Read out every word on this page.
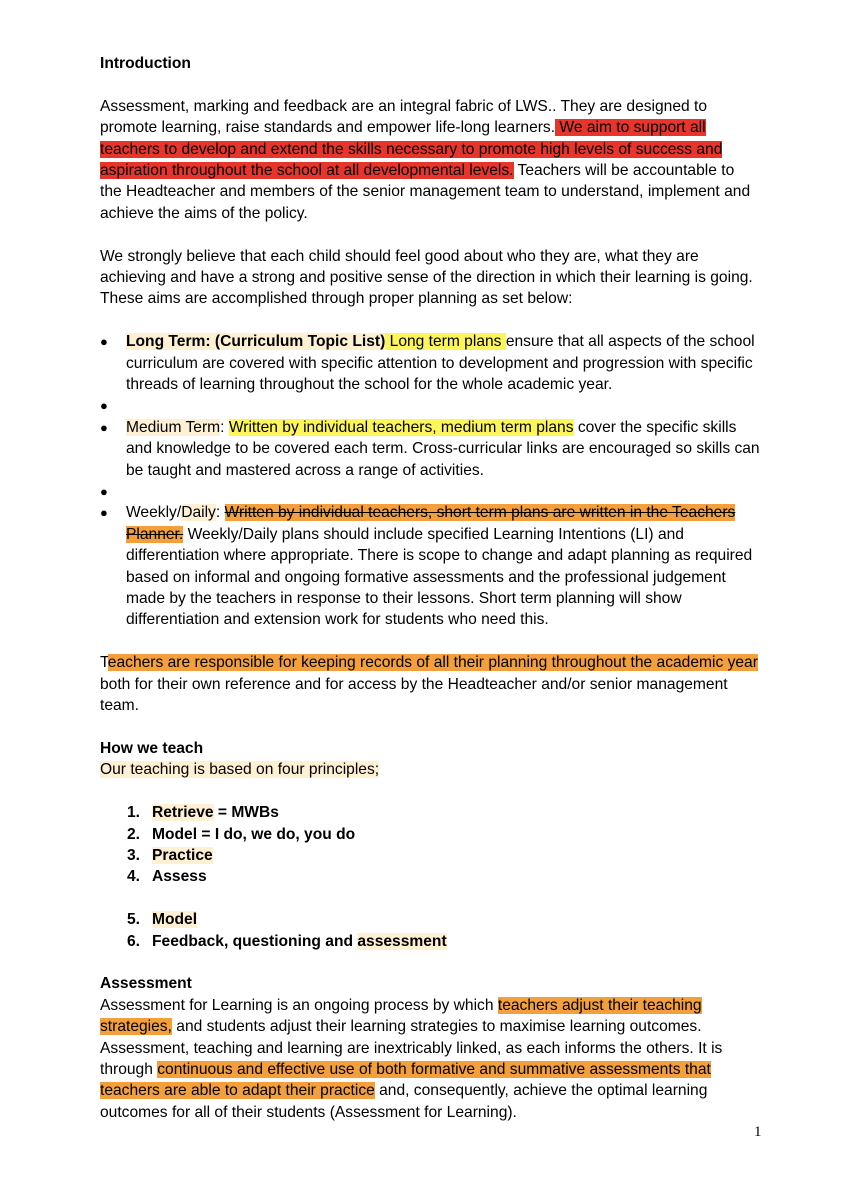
Introduction

Assessment, marking and feedback are an integral fabric of LWS.. They are designed to promote learning, raise standards and empower life-long learners. We aim to support all teachers to develop and extend the skills necessary to promote high levels of success and aspiration throughout the school at all developmental levels. Teachers will be accountable to the Headteacher and members of the senior management team to understand, implement and achieve the aims of the policy.

We strongly believe that each child should feel good about who they are, what they are achieving and have a strong and positive sense of the direction in which their learning is going. These aims are accomplished through proper planning as set below:

● Long Term: (Curriculum Topic List) Long term plans ensure that all aspects of the school curriculum are covered with specific attention to development and progression with specific threads of learning throughout the school for the whole academic year.
●
● Medium Term: Written by individual teachers, medium term plans cover the specific skills and knowledge to be covered each term. Cross-curricular links are encouraged so skills can be taught and mastered across a range of activities.
●
● Weekly/Daily: Written by individual teachers, short term plans are written in the Teachers Planner. Weekly/Daily plans should include specified Learning Intentions (LI) and differentiation where appropriate. There is scope to change and adapt planning as required based on informal and ongoing formative assessments and the professional judgement made by the teachers in response to their lessons. Short term planning will show differentiation and extension work for students who need this.

Teachers are responsible for keeping records of all their planning throughout the academic year both for their own reference and for access by the Headteacher and/or senior management team.

How we teach

Our teaching is based on four principles;

1. Retrieve = MWBs
2. Model = I do, we do, you do
3. Practice
4. Assess
5. Model
6. Feedback, questioning and assessment

Assessment

Assessment for Learning is an ongoing process by which teachers adjust their teaching strategies, and students adjust their learning strategies to maximise learning outcomes. Assessment, teaching and learning are inextricably linked, as each informs the others. It is through continuous and effective use of both formative and summative assessments that teachers are able to adapt their practice and, consequently, achieve the optimal learning outcomes for all of their students (Assessment for Learning).

1
